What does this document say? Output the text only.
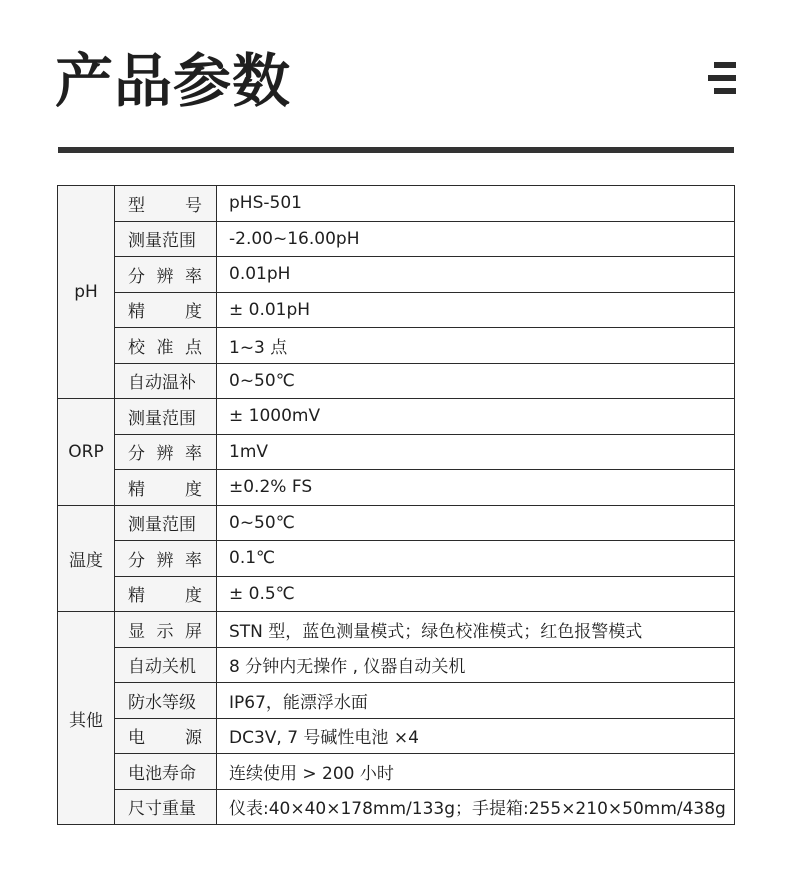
产品参数
pH	型 号	pHS-501
	测量范围	-2.00~16.00pH

	分 辨 率	0.01pH

	精 度	± 0.01pH

	校 准 点	1~3 点
	自动温补	0~50℃
ORP	测量范围	± 1000mV

	分 辨 率	1mV

	精 度	±0.2% FS
温度	测量范围	0~50℃

	分 辨 率	0.1℃

	精 度	± 0.5℃
其他	显 示 屏	STN 型，蓝色测量模式；绿色校准模式；红色报警模式
	自动关机	8 分钟内无操作 , 仪器自动关机
	防水等级	IP67，能漂浮水面

	电 源	DC3V, 7 号碱性电池 ×4
	电池寿命	连续使用 > 200 小时
	尺寸重量	仪表:40×40×178mm/133g；手提箱:255×210×50mm/438g
